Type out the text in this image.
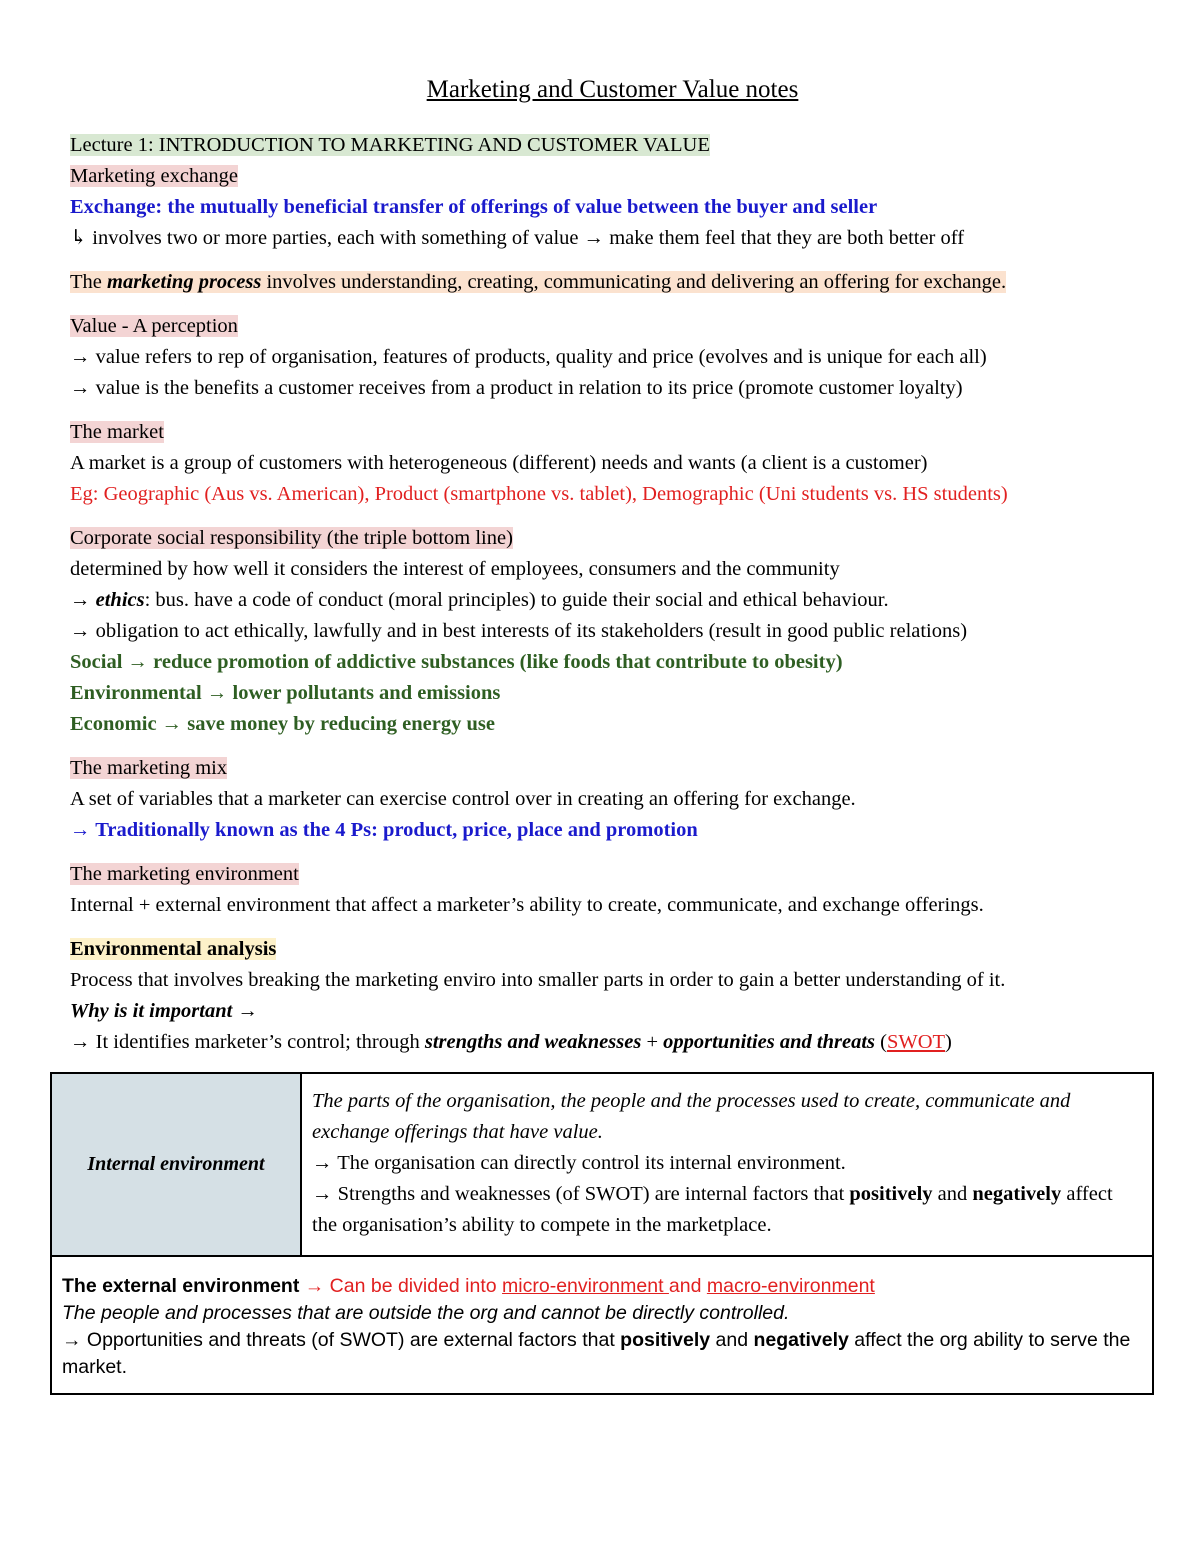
Marketing and Customer Value notes
Lecture 1: INTRODUCTION TO MARKETING AND CUSTOMER VALUE
Marketing exchange
Exchange: the mutually beneficial transfer of offerings of value between the buyer and seller
↳ involves two or more parties, each with something of value → make them feel that they are both better off
The marketing process involves understanding, creating, communicating and delivering an offering for exchange.
Value - A perception
→ value refers to rep of organisation, features of products, quality and price (evolves and is unique for each all)
→ value is the benefits a customer receives from a product in relation to its price (promote customer loyalty)
The market
A market is a group of customers with heterogeneous (different) needs and wants (a client is a customer)
Eg: Geographic (Aus vs. American), Product (smartphone vs. tablet), Demographic (Uni students vs. HS students)
Corporate social responsibility (the triple bottom line)
determined by how well it considers the interest of employees, consumers and the community
→ ethics: bus. have a code of conduct (moral principles) to guide their social and ethical behaviour.
→ obligation to act ethically, lawfully and in best interests of its stakeholders (result in good public relations)
Social → reduce promotion of addictive substances (like foods that contribute to obesity)
Environmental → lower pollutants and emissions
Economic → save money by reducing energy use
The marketing mix
A set of variables that a marketer can exercise control over in creating an offering for exchange.
→ Traditionally known as the 4 Ps: product, price, place and promotion
The marketing environment
Internal + external environment that affect a marketer’s ability to create, communicate, and exchange offerings.
Environmental analysis
Process that involves breaking the marketing enviro into smaller parts in order to gain a better understanding of it.
Why is it important →
→ It identifies marketer’s control; through strengths and weaknesses + opportunities and threats (SWOT)
Internal environment	
The parts of the organisation, the people and the processes used to create, communicate and exchange offerings that have value.
→ The organisation can directly control its internal environment.
→ Strengths and weaknesses (of SWOT) are internal factors that positively and negatively affect the organisation’s ability to compete in the marketplace.

The external environment → Can be divided into micro-environment and macro-environment
The people and processes that are outside the org and cannot be directly controlled.
→ Opportunities and threats (of SWOT) are external factors that positively and negatively affect the org ability to serve the market.
